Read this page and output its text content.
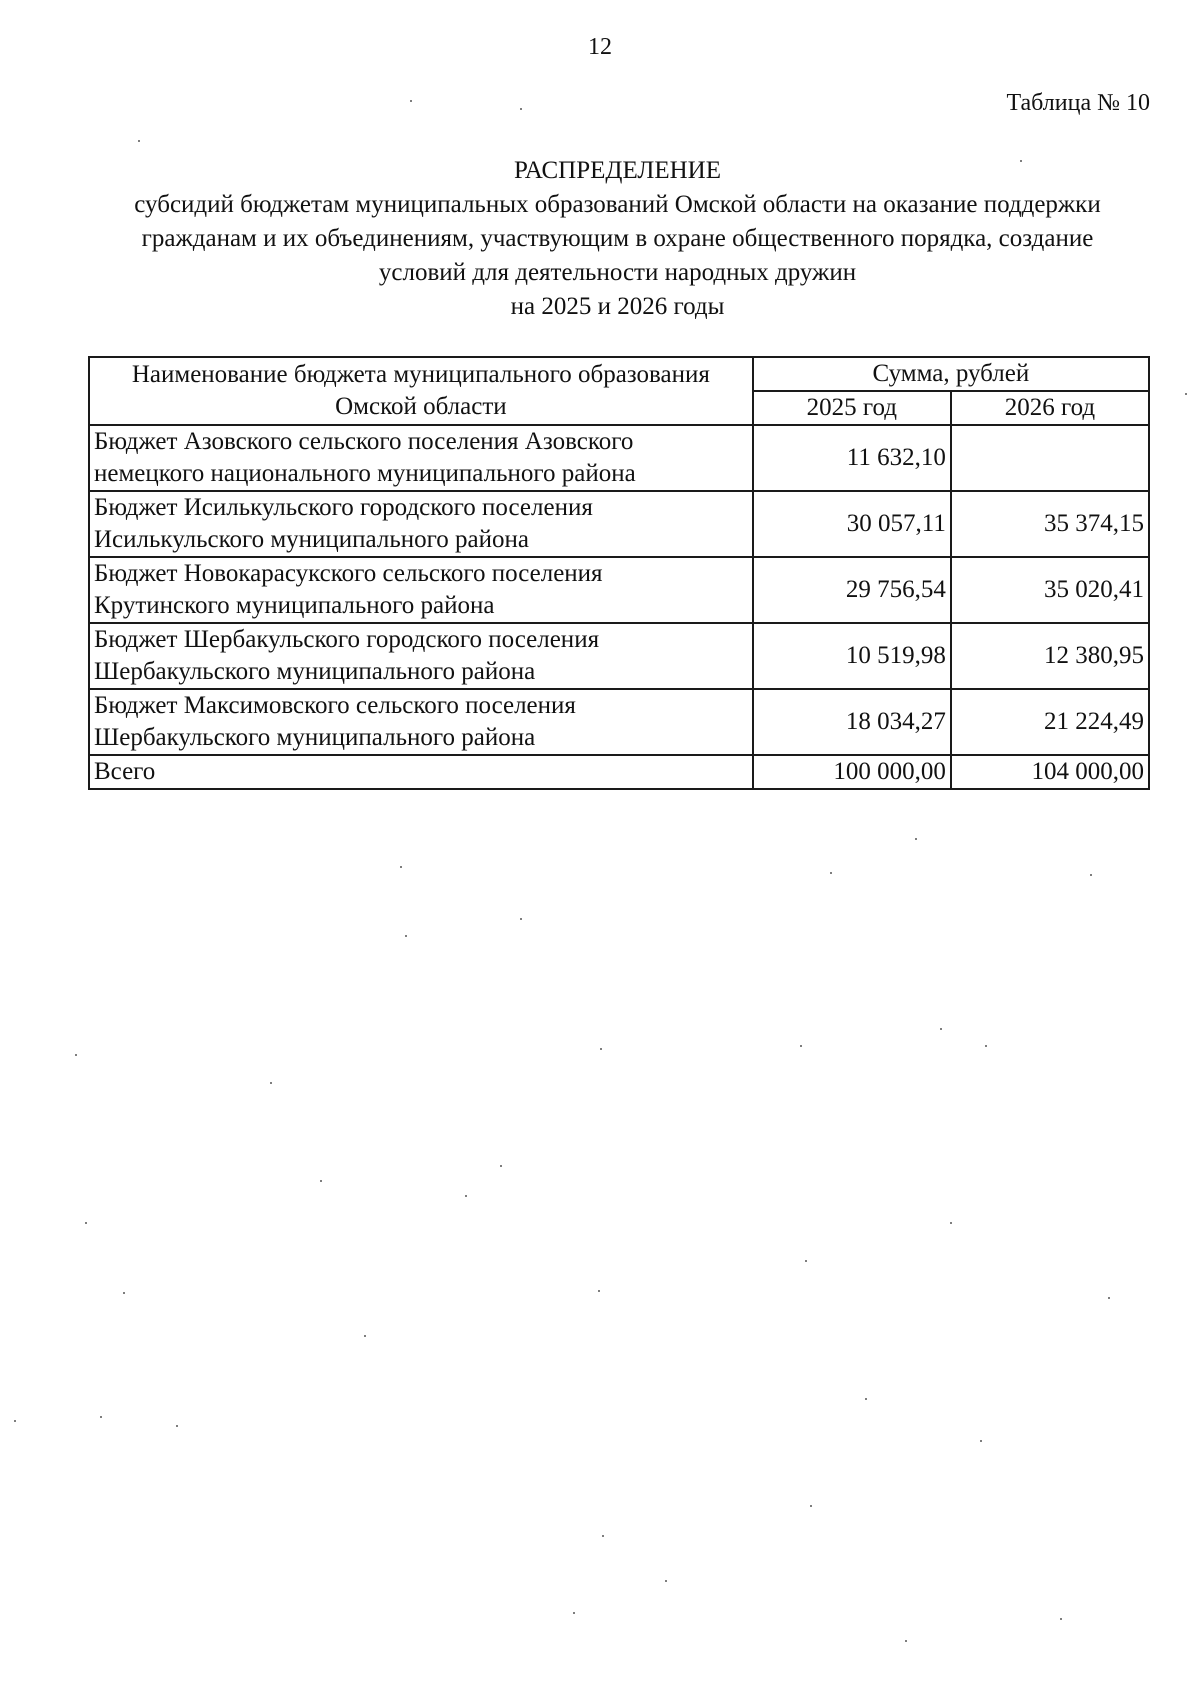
12
Таблица № 10
РАСПРЕДЕЛЕНИЕ
субсидий бюджетам муниципальных образований Омской области на оказание поддержки
гражданам и их объединениям, участвующим в охране общественного порядка, создание
условий для деятельности народных дружин
на 2025 и 2026 годы
Наименование бюджета муниципального образования
Омской области	Сумма, рублей	
	2025 год	2026 год
Бюджет Азовского сельского поселения Азовского
немецкого национального муниципального района	11 632,10	
Бюджет Исилькульского городского поселения
Исилькульского муниципального района	30 057,11	35 374,15
Бюджет Новокарасукского сельского поселения
Крутинского муниципального района	29 756,54	35 020,41
Бюджет Шербакульского городского поселения
Шербакульского муниципального района	10 519,98	12 380,95
Бюджет Максимовского сельского поселения
Шербакульского муниципального района	18 034,27	21 224,49
Всего	100 000,00	104 000,00
